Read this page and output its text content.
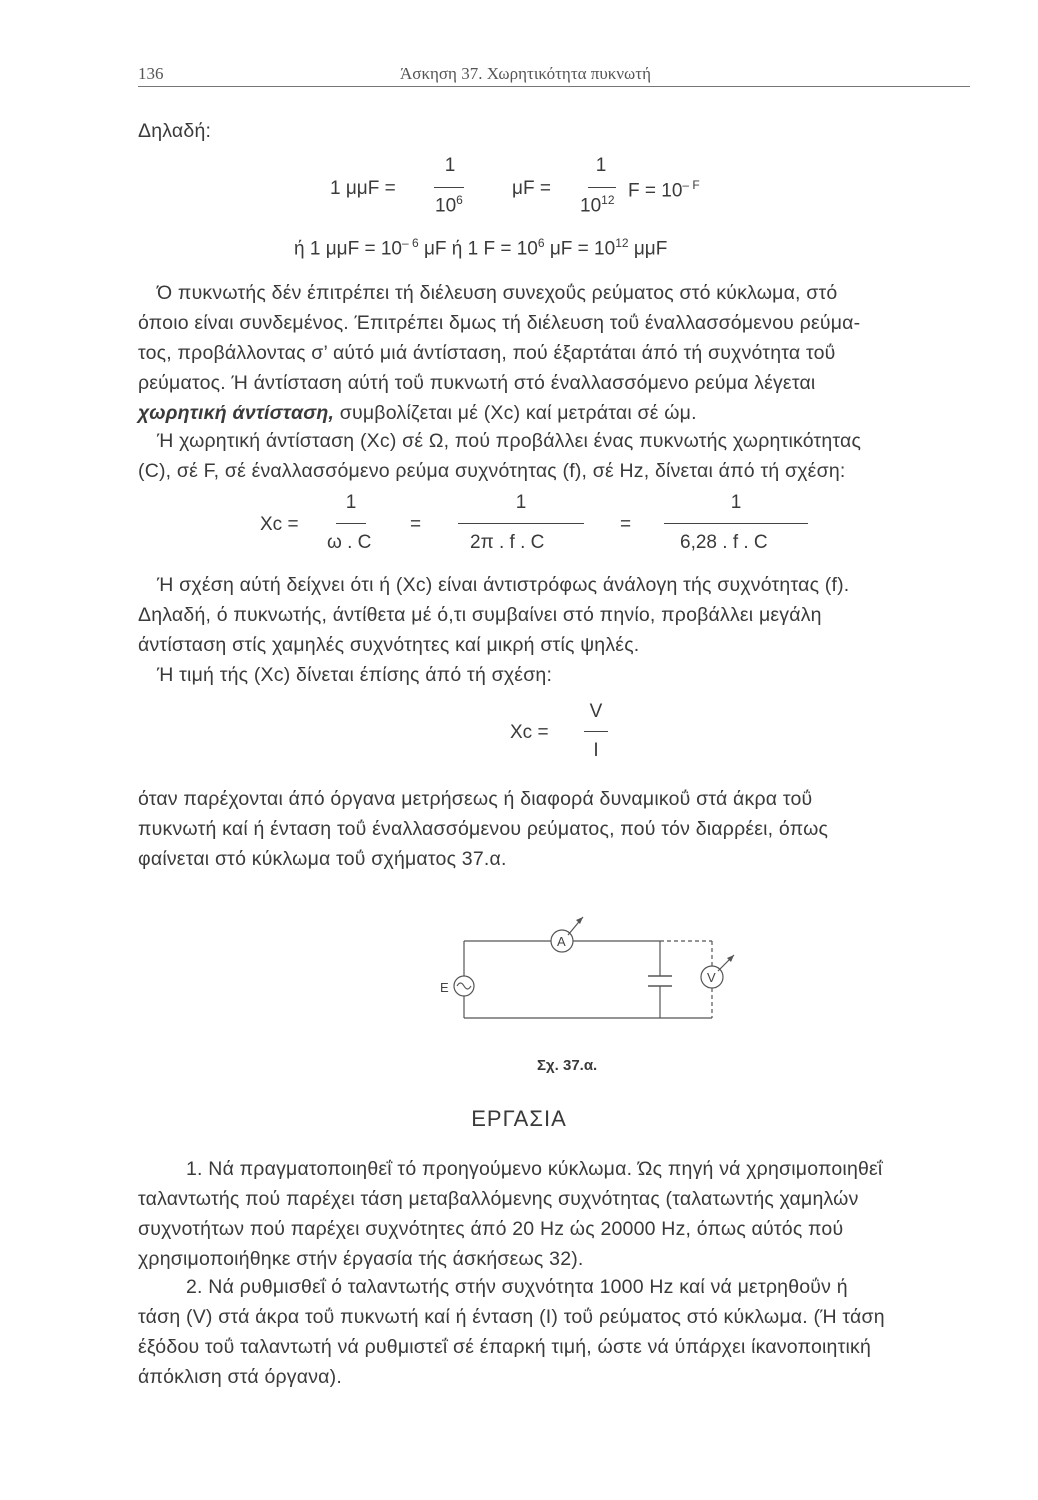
136	Άσκηση 37. Χωρητικότητα πυκνωτή
Δηλαδή:
1 μμF =
1
$10^6$
μF =
1
$10^{12}$ $F = 10^{- F}$
ή 1 $\mu\mu F = 10^{- 6}$ μF ή 1 $F = 10^6$ $\mu F = 10^{12}$ μμF
Ό πυκνωτής δέν έπιτρέπει τή διέλευση συνεχοΰς ρεύματος στό κύκλωμα, στό
όποιο είναι συνδεμένος. Έπιτρέπει δμως τή διέλευση τοΰ έναλλασσόμενου ρεύμα-
τος, προβάλλοντας σ’ αύτό μιά άντίσταση, πού έξαρτάται άπό τή συχνότητα τοΰ
ρεύματος. Ή άντίσταση αύτή τοΰ πυκνωτή στό έναλλασσόμενο ρεύμα λέγεται
χωρητική άντίσταση, συμβολίζεται μέ (Xc) καί μετράται σέ ώμ.
Ή χωρητική άντίσταση (Xc) σέ Ω, πού προβάλλει ένας πυκνωτής χωρητικότητας
(C), σέ F, σέ έναλλασσόμενο ρεύμα συχνότητας (f), σέ Hz, δίνεται άπό τή σχέση:
Xc =
1
ω . C
=
1
2π . f . C
=
1
6,28 . f . C
Ή σχέση αύτή δείχνει ότι ή (Xc) είναι άντιστρόφως άνάλογη τής συχνότητας (f).
Δηλαδή, ό πυκνωτής, άντίθετα μέ ό,τι συμβαίνει στό πηνίο, προβάλλει μεγάλη
άντίσταση στίς χαμηλές συχνότητες καί μικρή στίς ψηλές.
Ή τιμή τής (Xc) δίνεται έπίσης άπό τή σχέση:
Xc =
V
I
όταν παρέχονται άπό όργανα μετρήσεως ή διαφορά δυναμικοΰ στά άκρα τοΰ
πυκνωτή καί ή ένταση τοΰ έναλλασσόμενου ρεύματος, πού τόν διαρρέει, όπως
φαίνεται στό κύκλωμα τοΰ σχήματος 37.α.
A
V
E
Σχ. 37.α.
ΕΡΓΑΣΙΑ
1. Νά πραγματοποιηθεΐ τό προηγούμενο κύκλωμα. Ώς πηγή νά χρησιμοποιηθεΐ
ταλαντωτής πού παρέχει τάση μεταβαλλόμενης συχνότητας (ταλατωντής χαμηλών
συχνοτήτων πού παρέχει συχνότητες άπό 20 Hz ώς 20000 Hz, όπως αύτός πού
χρησιμοποιήθηκε στήν έργασία τής άσκήσεως 32).
2. Νά ρυθμισθεΐ ό ταλαντωτής στήν συχνότητα 1000 Hz καί νά μετρηθοΰν ή
τάση (V) στά άκρα τοΰ πυκνωτή καί ή ένταση (I) τοΰ ρεύματος στό κύκλωμα. (Ή τάση
έξόδου τοΰ ταλαντωτή νά ρυθμιστεΐ σέ έπαρκή τιμή, ώστε νά ύπάρχει ίκανοποιητική
άπόκλιση στά όργανα).
